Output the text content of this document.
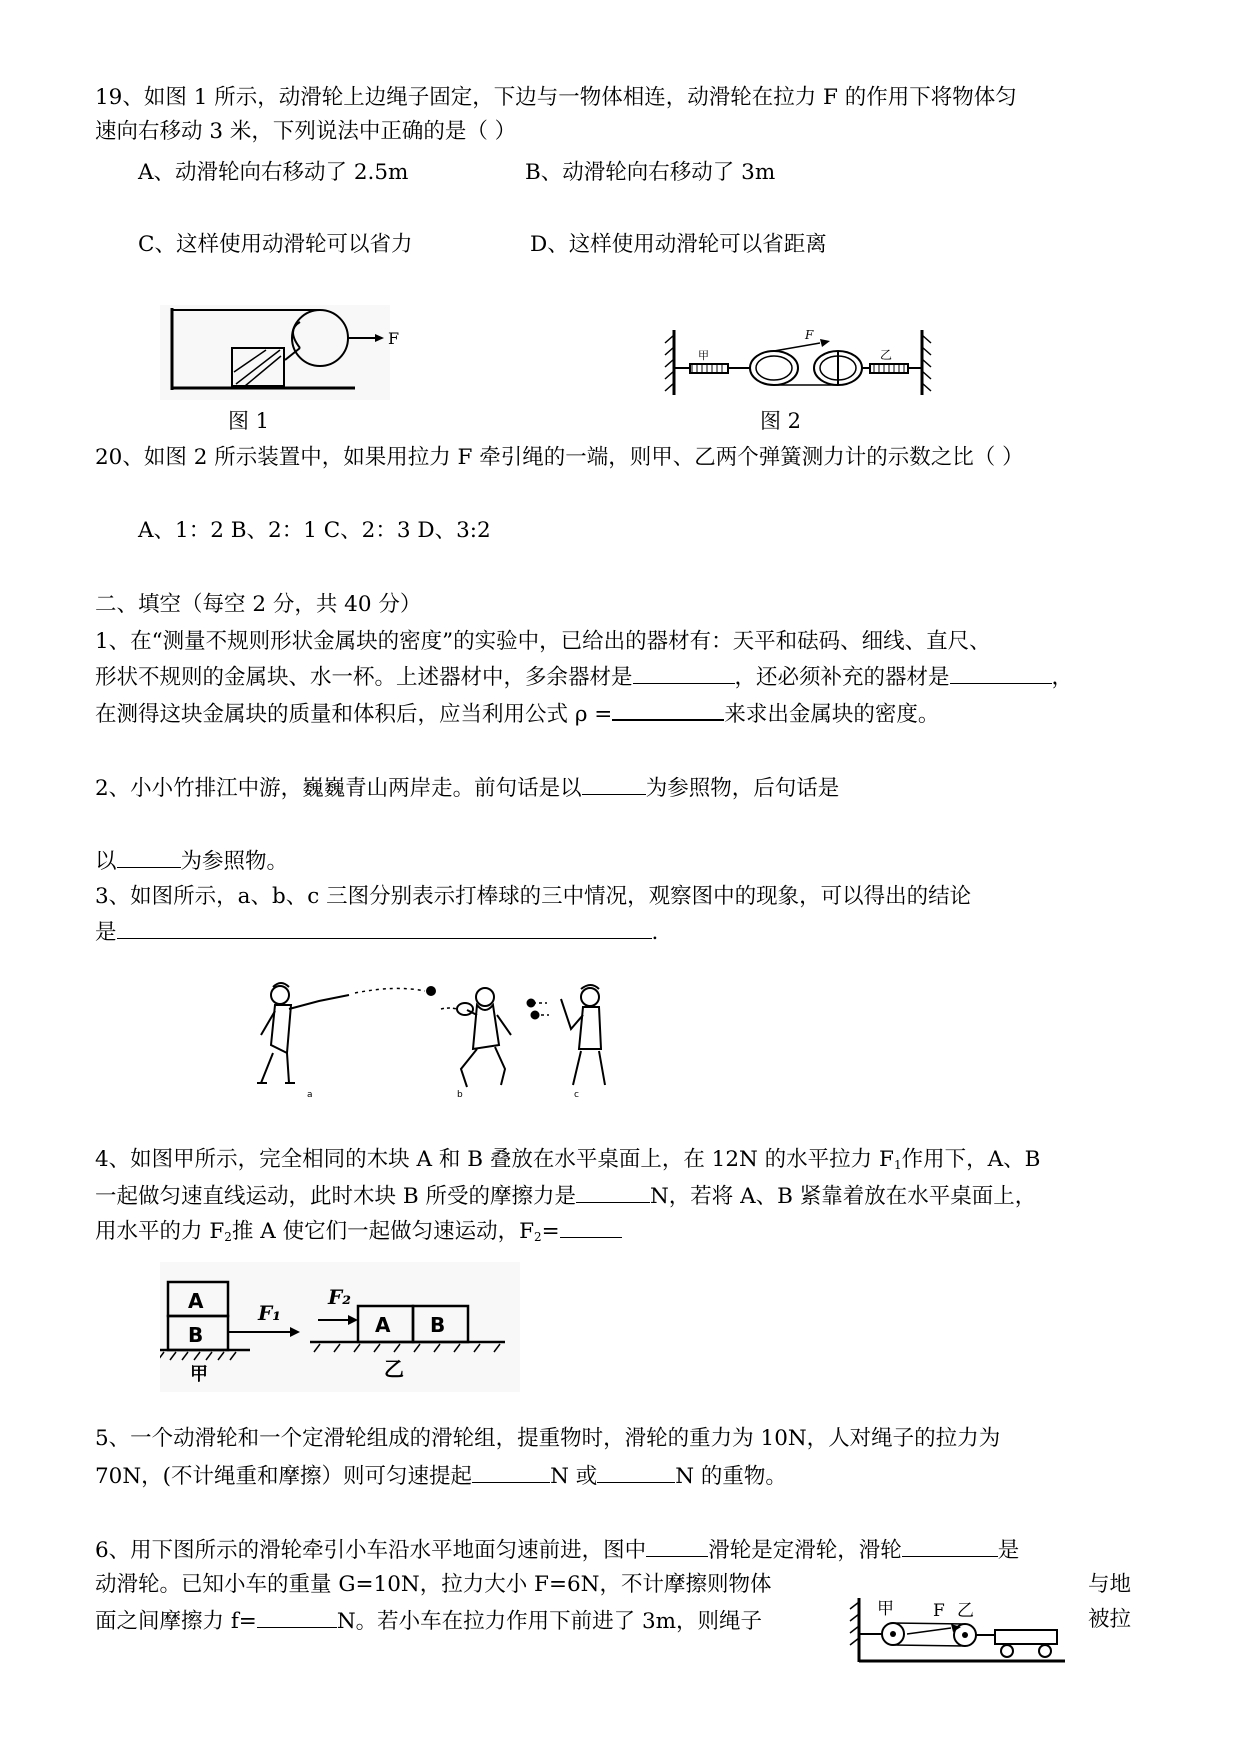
19、如图 1 所示，动滑轮上边绳子固定，下边与一物体相连，动滑轮在拉力 F 的作用下将物体匀
速向右移动 3 米，下列说法中正确的是（ ）
A、动滑轮向右移动了 2.5m	B、动滑轮向右移动了 3m
C、这样使用动滑轮可以省力	D、这样使用动滑轮可以省距离
F
图 1
甲
F
乙
图 2
20、如图 2 所示装置中，如果用拉力 F 牵引绳的一端，则甲、乙两个弹簧测力计的示数之比（ ）
A、1：2 B、2：1 C、2：3 D、3:2
二、填空（每空 2 分，共 40 分）
1、在“测量不规则形状金属块的密度”的实验中，已给出的器材有：天平和砝码、细线、直尺、
形状不规则的金属块、水一杯。上述器材中，多余器材是	，还必须补充的器材是	，
在测得这块金属块的质量和体积后，应当利用公式 ρ =	来求出金属块的密度。
2、小小竹排江中游，巍巍青山两岸走。前句话是以	为参照物，后句话是
以	为参照物。
3、如图所示，a、b、c 三图分别表示打棒球的三中情况，观察图中的现象，可以得出的结论
是	.
a	b	c
4、如图甲所示，完全相同的木块 A 和 B 叠放在水平桌面上，在 12N 的水平拉力 $F_1$作用下，A、B
一起做匀速直线运动，此时木块 B 所受的摩擦力是	N，若将 A、B 紧靠着放在水平桌面上，
用水平的力 $F_2$推 A 使它们一起做匀速运动，$F_2=$
A
B
F₁
甲
F₂
A B
乙
5、一个动滑轮和一个定滑轮组成的滑轮组，提重物时，滑轮的重力为 10N，人对绳子的拉力为
70N，(不计绳重和摩擦）则可匀速提起	N 或	N 的重物。
6、用下图所示的滑轮牵引小车沿水平地面匀速前进，图中	滑轮是定滑轮，滑轮	是
动滑轮。已知小车的重量 G=10N，拉力大小 F=6N，不计摩擦则物体	与地
面之间摩擦力 f=	N。若小车在拉力作用下前进了 3m，则绳子	被拉
甲 F 乙
